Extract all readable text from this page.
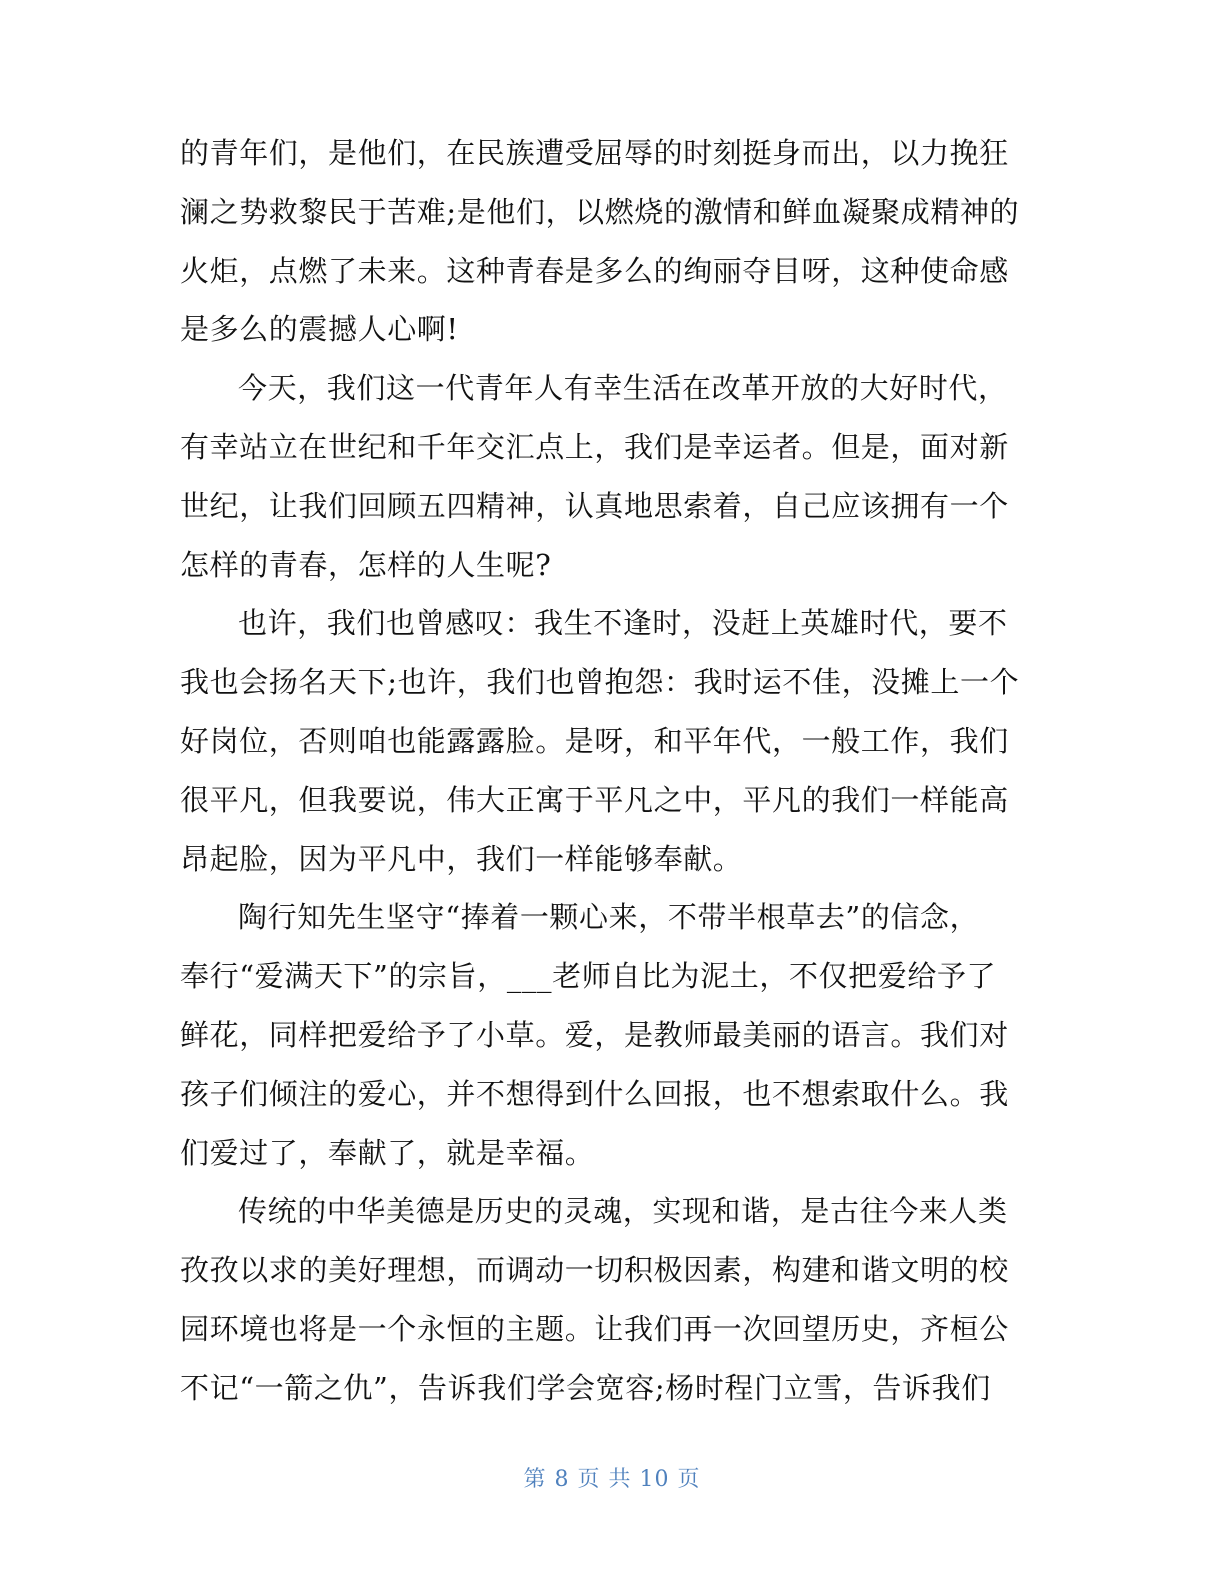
的青年们，是他们，在民族遭受屈辱的时刻挺身而出，以力挽狂
澜之势救黎民于苦难;是他们，以燃烧的激情和鲜血凝聚成精神的
火炬，点燃了未来。这种青春是多么的绚丽夺目呀，这种使命感
是多么的震撼人心啊!
今天，我们这一代青年人有幸生活在改革开放的大好时代，
有幸站立在世纪和千年交汇点上，我们是幸运者。但是，面对新
世纪，让我们回顾五四精神，认真地思索着，自己应该拥有一个
怎样的青春，怎样的人生呢?
也许，我们也曾感叹：我生不逢时，没赶上英雄时代，要不
我也会扬名天下;也许，我们也曾抱怨：我时运不佳，没摊上一个
好岗位，否则咱也能露露脸。是呀，和平年代，一般工作，我们
很平凡，但我要说，伟大正寓于平凡之中，平凡的我们一样能高
昂起脸，因为平凡中，我们一样能够奉献。
陶行知先生坚守“捧着一颗心来，不带半根草去”的信念，
奉行“爱满天下”的宗旨，___老师自比为泥土，不仅把爱给予了
鲜花，同样把爱给予了小草。爱，是教师最美丽的语言。我们对
孩子们倾注的爱心，并不想得到什么回报，也不想索取什么。我
们爱过了，奉献了，就是幸福。
传统的中华美德是历史的灵魂，实现和谐，是古往今来人类
孜孜以求的美好理想，而调动一切积极因素，构建和谐文明的校
园环境也将是一个永恒的主题。让我们再一次回望历史，齐桓公
不记“一箭之仇”，告诉我们学会宽容;杨时程门立雪，告诉我们
第 8 页 共 10 页
